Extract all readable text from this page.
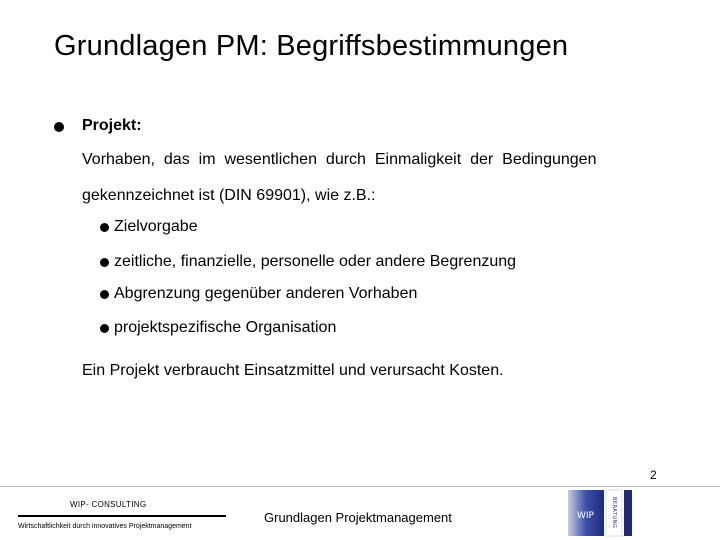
Grundlagen PM: Begriffsbestimmungen
Projekt:
Vorhaben, das im wesentlichen durch Einmaligkeit der Bedingungen
gekennzeichnet ist (DIN 69901), wie z.B.:
Zielvorgabe
zeitliche, finanzielle, personelle oder andere Begrenzung
Abgrenzung gegenüber anderen Vorhaben
projektspezifische Organisation
Ein Projekt verbraucht Einsatzmittel und verursacht Kosten.
WIP- CONSULTING
Wirtschaftlichkeit durch innovatives Projektmanagement
Grundlagen Projektmanagement
2
WIP	BERATUNG
